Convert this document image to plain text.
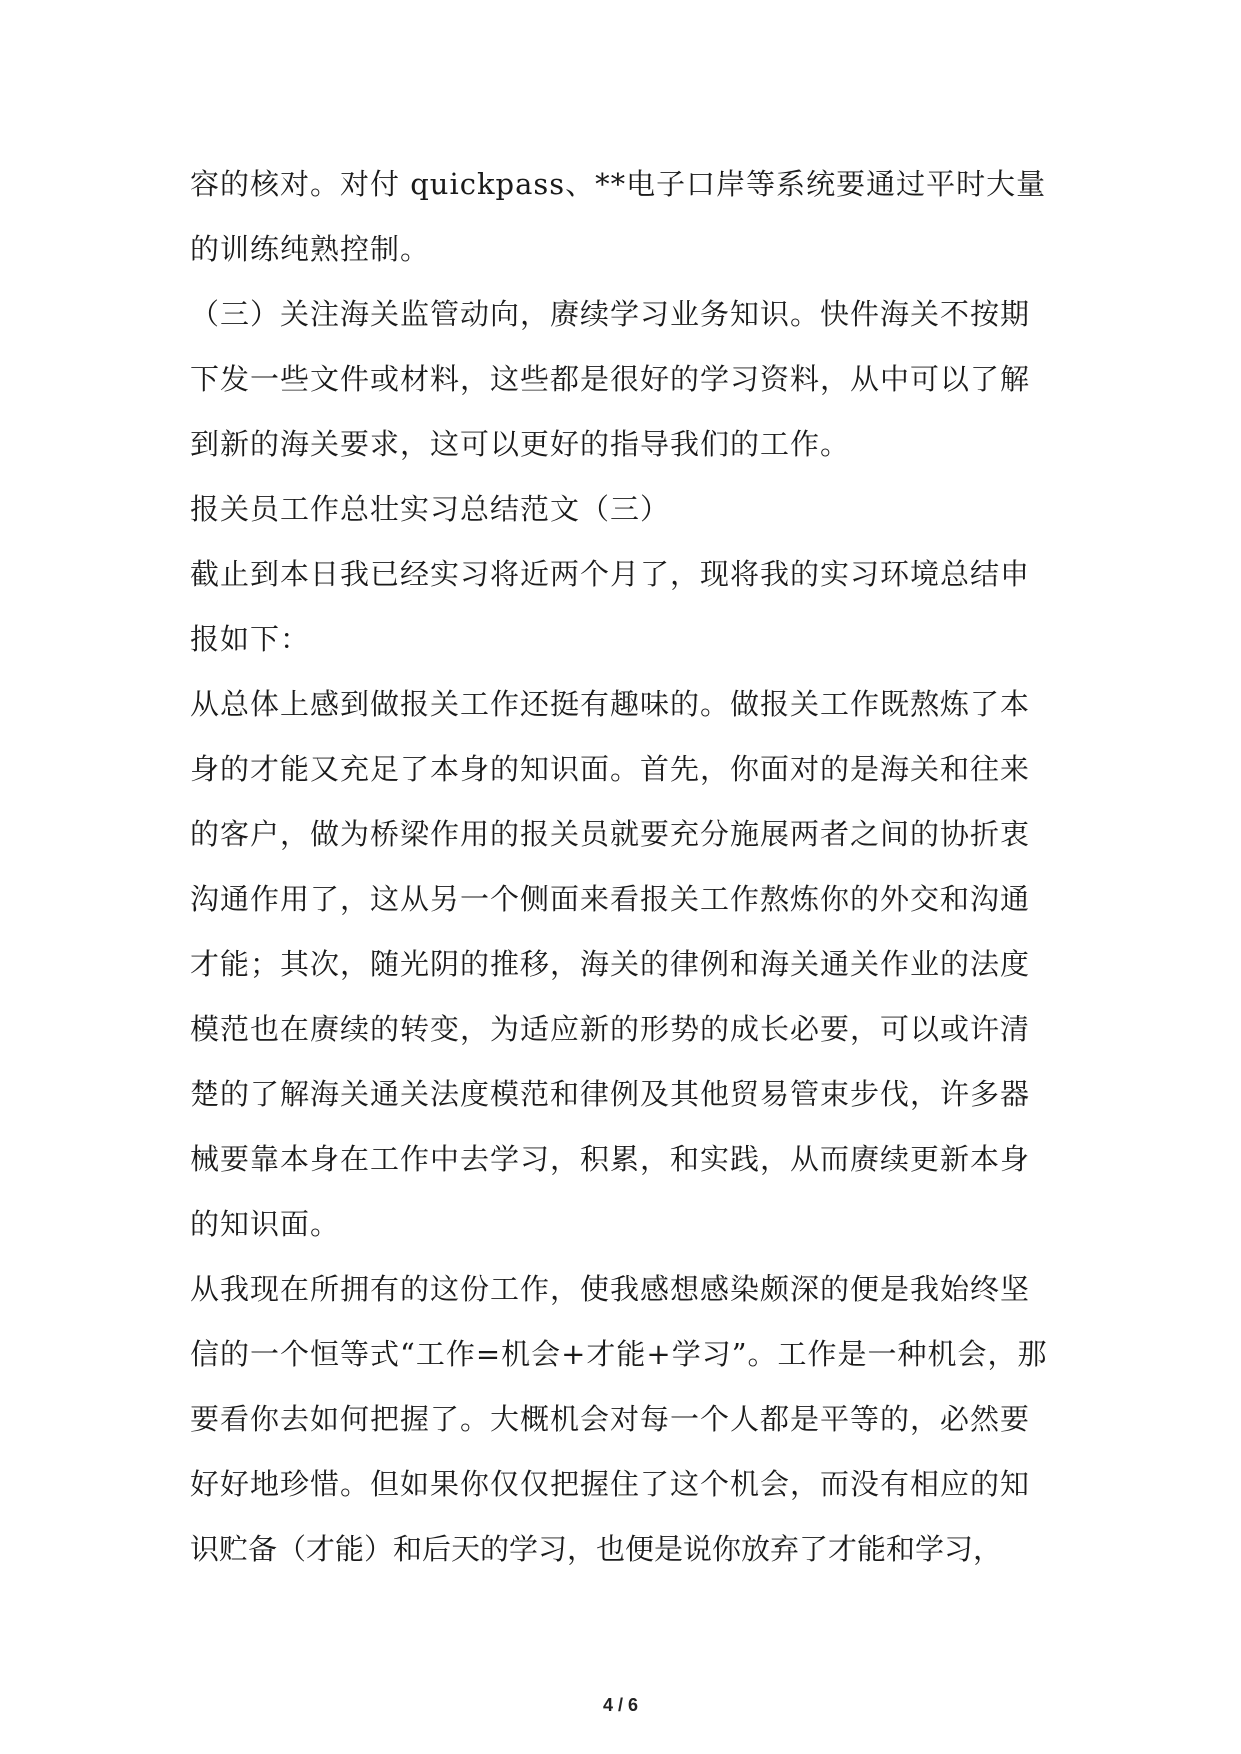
容的核对。对付 quickpass、**电子口岸等系统要通过平时大量
的训练纯熟控制。
（三）关注海关监管动向，赓续学习业务知识。快件海关不按期
下发一些文件或材料，这些都是很好的学习资料，从中可以了解
到新的海关要求，这可以更好的指导我们的工作。
报关员工作总壮实习总结范文（三）
截止到本日我已经实习将近两个月了，现将我的实习环境总结申
报如下：
从总体上感到做报关工作还挺有趣味的。做报关工作既熬炼了本
身的才能又充足了本身的知识面。首先，你面对的是海关和往来
的客户，做为桥梁作用的报关员就要充分施展两者之间的协折衷
沟通作用了，这从另一个侧面来看报关工作熬炼你的外交和沟通
才能；其次，随光阴的推移，海关的律例和海关通关作业的法度
模范也在赓续的转变，为适应新的形势的成长必要，可以或许清
楚的了解海关通关法度模范和律例及其他贸易管束步伐，许多器
械要靠本身在工作中去学习，积累，和实践，从而赓续更新本身
的知识面。
从我现在所拥有的这份工作，使我感想感染颇深的便是我始终坚
信的一个恒等式“工作=机会+才能+学习”。工作是一种机会，那
要看你去如何把握了。大概机会对每一个人都是平等的，必然要
好好地珍惜。但如果你仅仅把握住了这个机会，而没有相应的知
识贮备（才能）和后天的学习，也便是说你放弃了才能和学习，
4 / 6
